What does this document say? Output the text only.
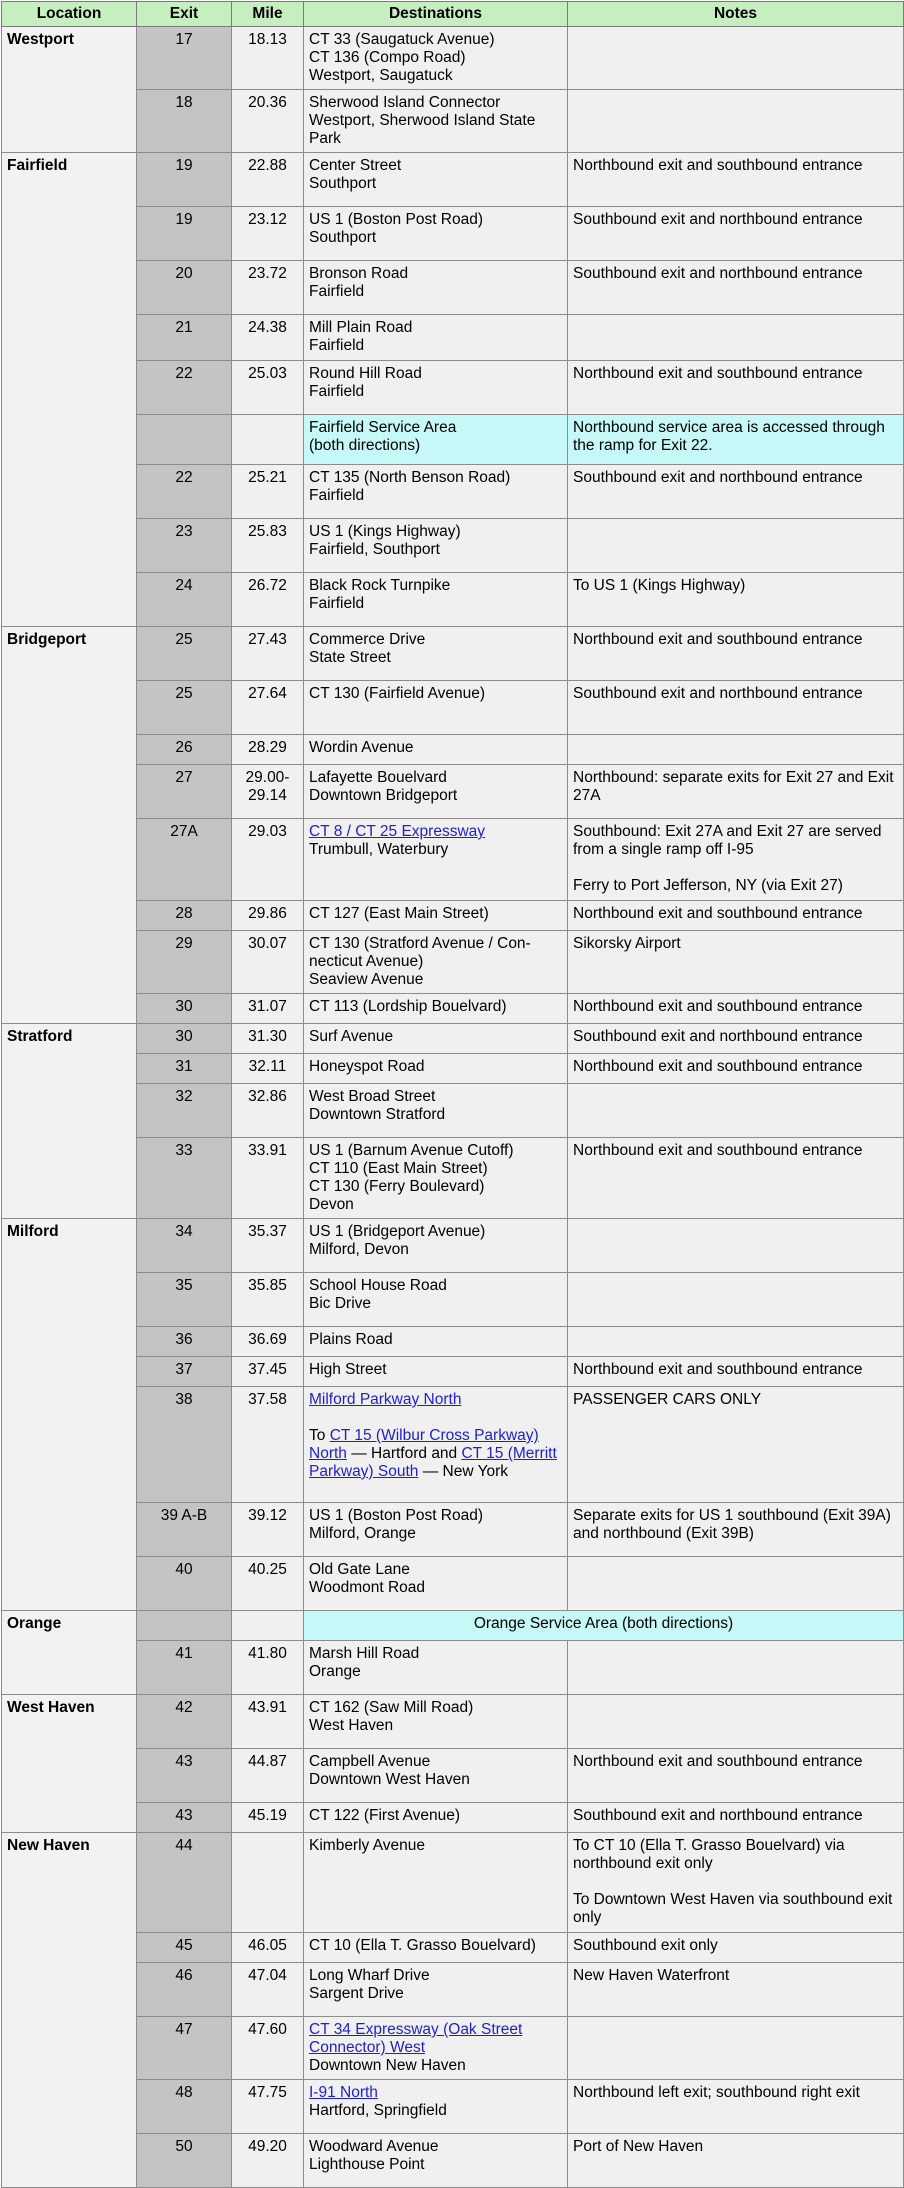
Location	Exit	Mile	Destinations	Notes
Westport	17	18.13	CT 33 (Saugatuck Avenue)
CT 136 (Compo Road)
Westport, Saugatuck	

	18	20.36	Sherwood Island Connector
Westport, Sherwood Island State Park	

Fairfield	19	22.88	Center Street
Southport	Northbound exit and southbound entrance

	19	23.12	US 1 (Boston Post Road)
Southport	Southbound exit and northbound entrance

	20	23.72	Bronson Road
Fairfield	Southbound exit and northbound entrance

	21	24.38	Mill Plain Road
Fairfield	

	22	25.03	Round Hill Road
Fairfield	Northbound exit and southbound entrance

			Fairfield Service Area
(both directions)	Northbound service area is accessed through the ramp for Exit 22.

	22	25.21	CT 135 (North Benson Road)
Fairfield	Southbound exit and northbound entrance

	23	25.83	US 1 (Kings Highway)
Fairfield, Southport	

	24	26.72	Black Rock Turnpike
Fairfield	To US 1 (Kings Highway)

Bridgeport	25	27.43	Commerce Drive
State Street	Northbound exit and southbound entrance

	25	27.64	CT 130 (Fairfield Avenue)	Southbound exit and northbound entrance

	26	28.29	Wordin Avenue	

	27	29.00-
29.14	Lafayette Bouelvard
Downtown Bridgeport	Northbound: separate exits for Exit 27 and Exit 27A

	27A	29.03	CT 8 / CT 25 Expressway
Trumbull, Waterbury	Southbound: Exit 27A and Exit 27 are served from a single ramp off I-95
Ferry to Port Jefferson, NY (via Exit 27)

	28	29.86	CT 127 (East Main Street)	Northbound exit and southbound entrance

	29	30.07	CT 130 (Stratford Avenue / Con-necticut Avenue)
Seaview Avenue	Sikorsky Airport

	30	31.07	CT 113 (Lordship Bouelvard)	Northbound exit and southbound entrance

Stratford	30	31.30	Surf Avenue	Southbound exit and northbound entrance

	31	32.11	Honeyspot Road	Northbound exit and southbound entrance

	32	32.86	West Broad Street
Downtown Stratford	

	33	33.91	US 1 (Barnum Avenue Cutoff)
CT 110 (East Main Street)
CT 130 (Ferry Boulevard)
Devon	Northbound exit and southbound entrance

Milford	34	35.37	US 1 (Bridgeport Avenue)
Milford, Devon	

	35	35.85	School House Road
Bic Drive	

	36	36.69	Plains Road	

	37	37.45	High Street	Northbound exit and southbound entrance

	38	37.58	Milford Parkway North
To CT 15 (Wilbur Cross Parkway) North — Hartford and CT 15 (Merritt Parkway) South — New York	PASSENGER CARS ONLY

	39 A-B	39.12	US 1 (Boston Post Road)
Milford, Orange	Separate exits for US 1 southbound (Exit 39A) and northbound (Exit 39B)

	40	40.25	Old Gate Lane
Woodmont Road	

Orange			Orange Service Area (both directions)	
	41	41.80	Marsh Hill Road
Orange	

West Haven	42	43.91	CT 162 (Saw Mill Road)
West Haven	

	43	44.87	Campbell Avenue
Downtown West Haven	Northbound exit and southbound entrance

	43	45.19	CT 122 (First Avenue)	Southbound exit and northbound entrance

New Haven	44		Kimberly Avenue	To CT 10 (Ella T. Grasso Bouelvard) via northbound exit only
To Downtown West Haven via southbound exit only

	45	46.05	CT 10 (Ella T. Grasso Bouelvard)	Southbound exit only

	46	47.04	Long Wharf Drive
Sargent Drive	New Haven Waterfront

	47	47.60	CT 34 Expressway (Oak Street Connector) West
Downtown New Haven	

	48	47.75	I-91 North
Hartford, Springfield	Northbound left exit; southbound right exit

	50	49.20	Woodward Avenue
Lighthouse Point	Port of New Haven
